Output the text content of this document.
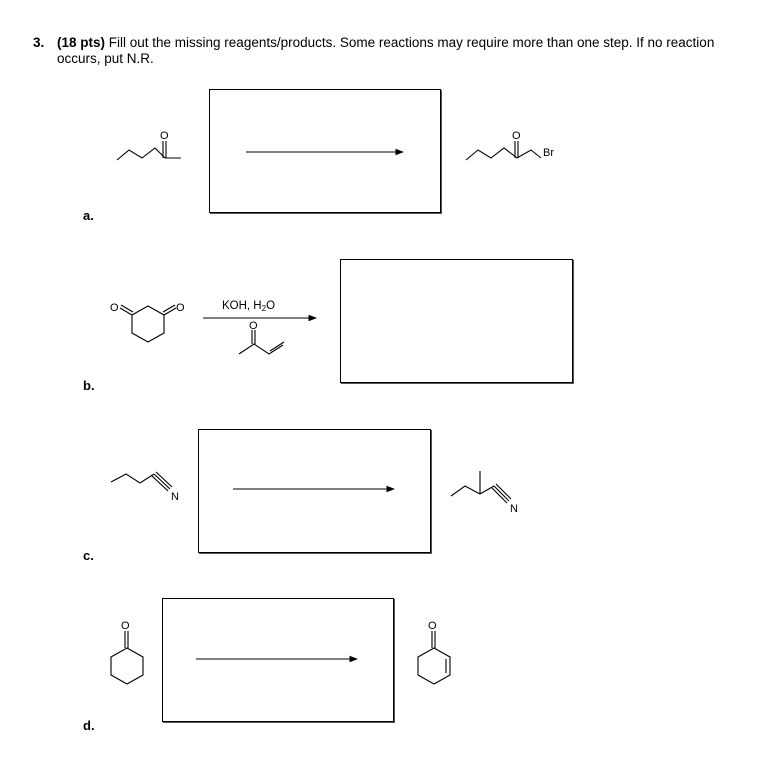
3. (18 pts) Fill out the missing reagents/products. Some reactions may require more than one step. If no reaction occurs, put N.R.
a.
b.
c.
d.
KOH, $H_2O$
O	O
Br
O	O
O
N
N
O	O
